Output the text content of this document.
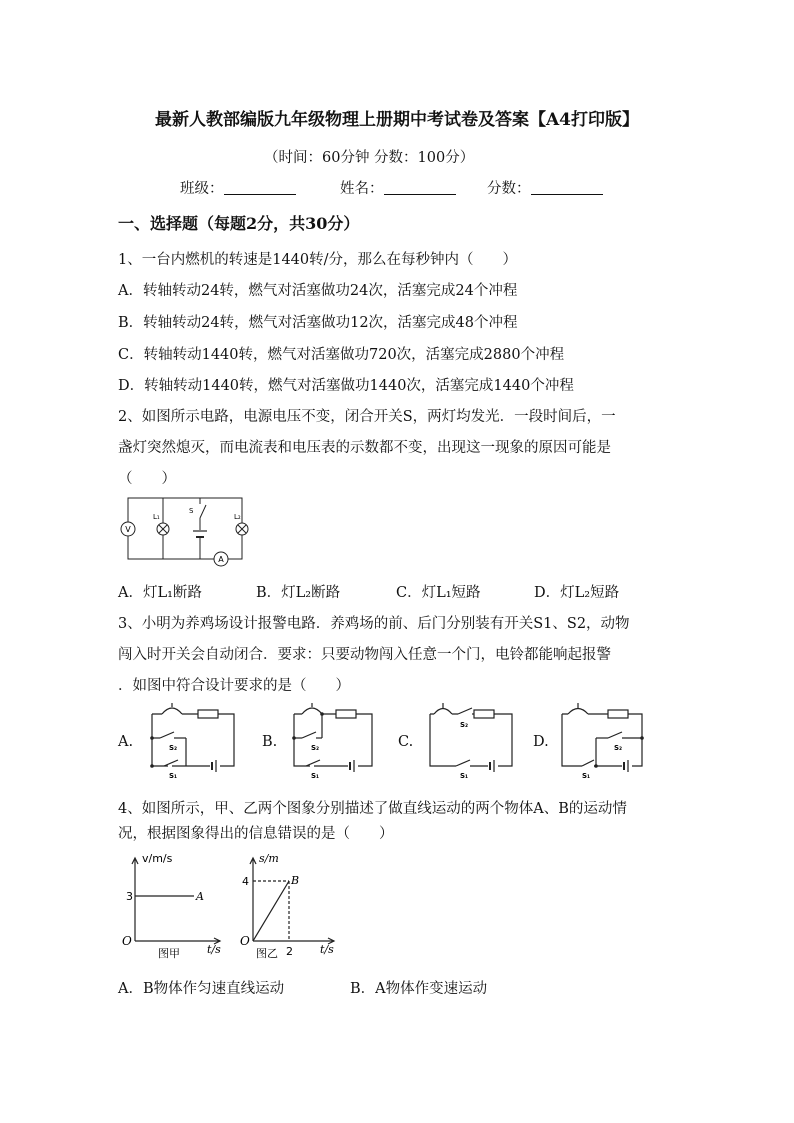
最新人教部编版九年级物理上册期中考试卷及答案【A4打印版】
（时间：60分钟 分数：100分）
班级：	姓名：	分数：
一、选择题（每题2分，共30分）
1、一台内燃机的转速是1440转/分，那么在每秒钟内（　　）
A．转轴转动24转，燃气对活塞做功24次，活塞完成24个冲程
B．转轴转动24转，燃气对活塞做功12次，活塞完成48个冲程
C．转轴转动1440转，燃气对活塞做功720次，活塞完成2880个冲程
D．转轴转动1440转，燃气对活塞做功1440次，活塞完成1440个冲程
2、如图所示电路，电源电压不变，闭合开关S，两灯均发光．一段时间后，一
盏灯突然熄灭，而电流表和电压表的示数都不变，出现这一现象的原因可能是
（　　）
V
L₁
S
A
L₂
A．灯L₁断路	B．灯L₂断路	C．灯L₁短路	D．灯L₂短路
3、小明为养鸡场设计报警电路．养鸡场的前、后门分别装有开关S1、S2，动物
闯入时开关会自动闭合．要求：只要动物闯入任意一个门，电铃都能响起报警
．如图中符合设计要求的是（　　）
A.	S₂
S₁
B.	S₂
S₁
C.
S₂
S₁
D.	S₂
S₁
4、如图所示，甲、乙两个图象分别描述了做直线运动的两个物体A、B的运动情
况，根据图象得出的信息错误的是（　　）
v/m/s
3	A
O
图甲 t/s
s/m
4	B
O
图乙 2 t/s
A．B物体作匀速直线运动	B．A物体作变速运动
